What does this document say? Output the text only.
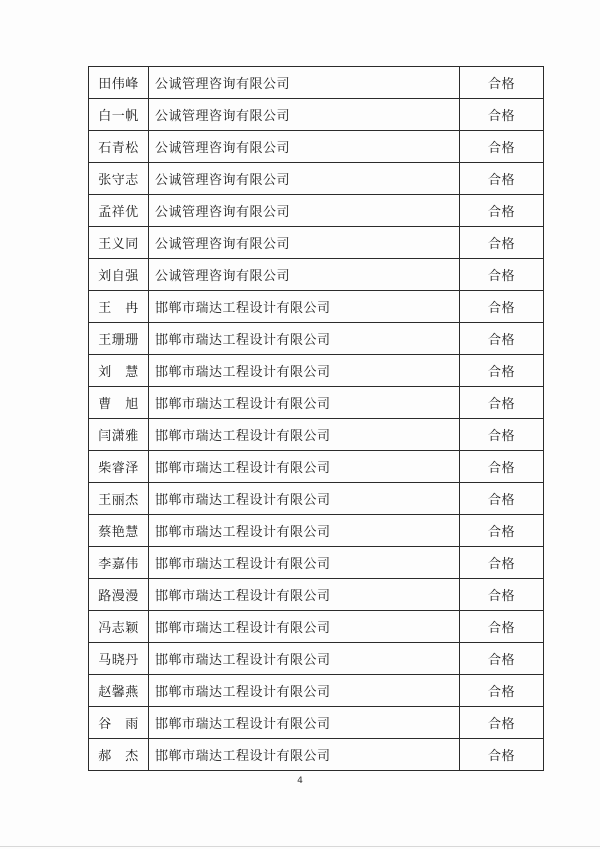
田伟峰	公诚管理咨询有限公司	合格
白一帆	公诚管理咨询有限公司	合格
石青松	公诚管理咨询有限公司	合格
张守志	公诚管理咨询有限公司	合格
孟祥优	公诚管理咨询有限公司	合格
王义同	公诚管理咨询有限公司	合格
刘自强	公诚管理咨询有限公司	合格
王　冉	邯郸市瑞达工程设计有限公司	合格
王珊珊	邯郸市瑞达工程设计有限公司	合格
刘　慧	邯郸市瑞达工程设计有限公司	合格
曹　旭	邯郸市瑞达工程设计有限公司	合格
闫潇雅	邯郸市瑞达工程设计有限公司	合格
柴睿泽	邯郸市瑞达工程设计有限公司	合格
王丽杰	邯郸市瑞达工程设计有限公司	合格
蔡艳慧	邯郸市瑞达工程设计有限公司	合格
李嘉伟	邯郸市瑞达工程设计有限公司	合格
路漫漫	邯郸市瑞达工程设计有限公司	合格
冯志颖	邯郸市瑞达工程设计有限公司	合格
马晓丹	邯郸市瑞达工程设计有限公司	合格
赵馨燕	邯郸市瑞达工程设计有限公司	合格
谷　雨	邯郸市瑞达工程设计有限公司	合格
郝　杰	邯郸市瑞达工程设计有限公司	合格
4
